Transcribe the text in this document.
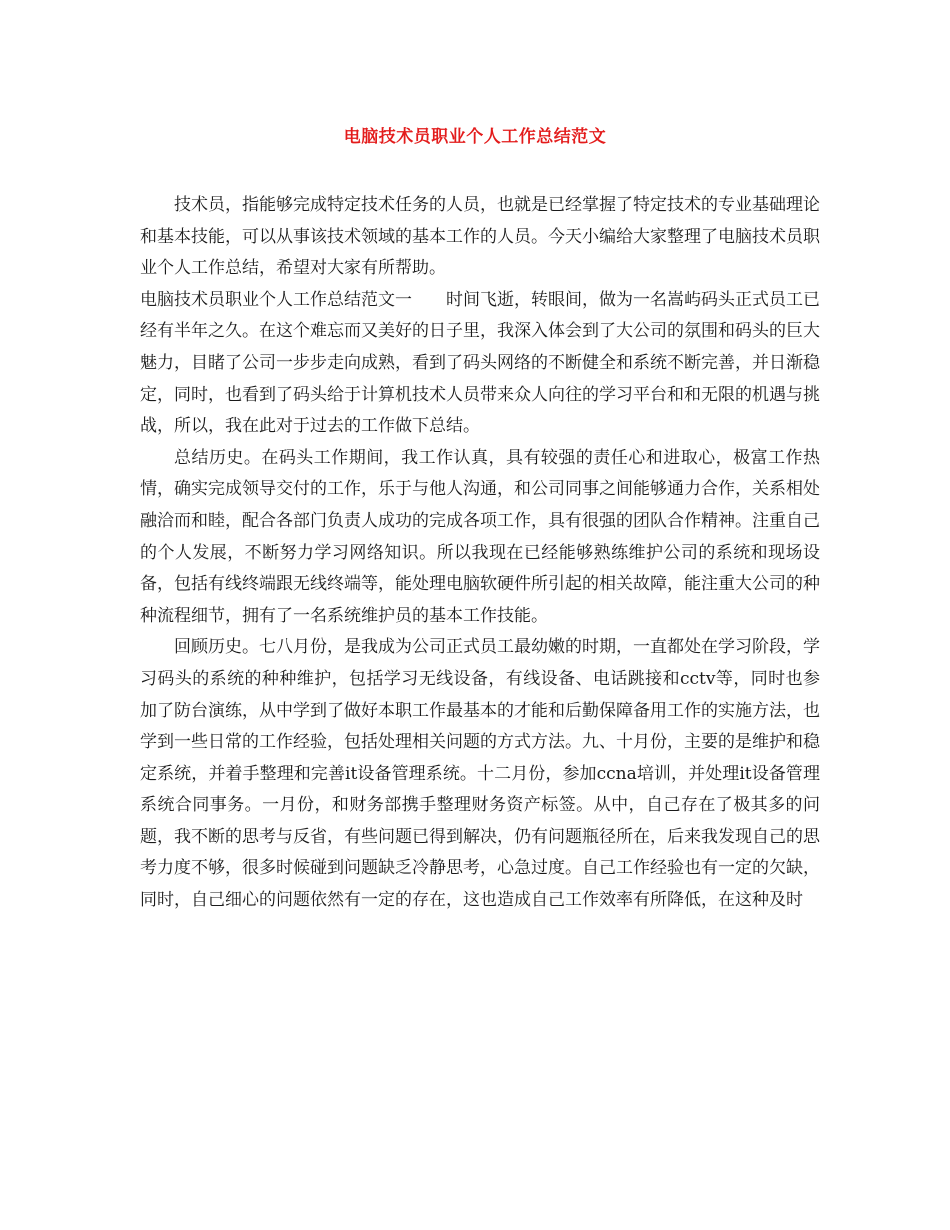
电脑技术员职业个人工作总结范文

技术员，指能够完成特定技术任务的人员，也就是已经掌握了特定技术的专业基础理论和基本技能，可以从事该技术领域的基本工作的人员。今天小编给大家整理了电脑技术员职业个人工作总结，希望对大家有所帮助。

电脑技术员职业个人工作总结范文一　　时间飞逝，转眼间，做为一名嵩屿码头正式员工已经有半年之久。在这个难忘而又美好的日子里，我深入体会到了大公司的氛围和码头的巨大魅力，目睹了公司一步步走向成熟，看到了码头网络的不断健全和系统不断完善，并日渐稳定，同时，也看到了码头给于计算机技术人员带来众人向往的学习平台和和无限的机遇与挑战，所以，我在此对于过去的工作做下总结。

总结历史。在码头工作期间，我工作认真，具有较强的责任心和进取心，极富工作热情，确实完成领导交付的工作，乐于与他人沟通，和公司同事之间能够通力合作，关系相处融洽而和睦，配合各部门负责人成功的完成各项工作，具有很强的团队合作精神。注重自己的个人发展，不断努力学习网络知识。所以我现在已经能够熟练维护公司的系统和现场设备，包括有线终端跟无线终端等，能处理电脑软硬件所引起的相关故障，能注重大公司的种种流程细节，拥有了一名系统维护员的基本工作技能。

回顾历史。七八月份，是我成为公司正式员工最幼嫩的时期，一直都处在学习阶段，学习码头的系统的种种维护，包括学习无线设备，有线设备、电话跳接和cctv等，同时也参加了防台演练，从中学到了做好本职工作最基本的才能和后勤保障备用工作的实施方法，也学到一些日常的工作经验，包括处理相关问题的方式方法。九、十月份，主要的是维护和稳定系统，并着手整理和完善it设备管理系统。十二月份，参加ccna培训，并处理it设备管理系统合同事务。一月份，和财务部携手整理财务资产标签。从中，自己存在了极其多的问题，我不断的思考与反省，有些问题已得到解决，仍有问题瓶径所在，后来我发现自己的思考力度不够，很多时候碰到问题缺乏冷静思考，心急过度。自己工作经验也有一定的欠缺，同时，自己细心的问题依然有一定的存在，这也造成自己工作效率有所降低，在这种及时
